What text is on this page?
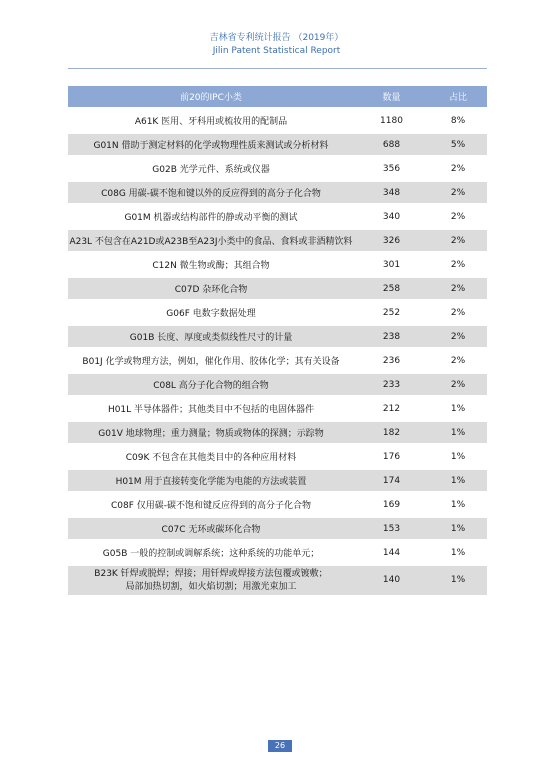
吉林省专利统计报告 （2019年）
Jilin Patent Statistical Report
前20的IPC小类	数量	占比
A61K 医用、牙科用或梳妆用的配制品	1180	8%
G01N 借助于测定材料的化学或物理性质来测试或分析材料	688	5%
G02B 光学元件、系统或仪器	356	2%
C08G 用碳-碳不饱和键以外的反应得到的高分子化合物	348	2%
G01M 机器或结构部件的静或动平衡的测试	340	2%
A23L 不包含在A21D或A23B至A23J小类中的食品、食料或非酒精饮料	326	2%
C12N 微生物或酶；其组合物	301	2%
C07D 杂环化合物	258	2%
G06F 电数字数据处理	252	2%
G01B 长度、厚度或类似线性尺寸的计量	238	2%
B01J 化学或物理方法，例如，催化作用、胶体化学；其有关设备	236	2%
C08L 高分子化合物的组合物	233	2%
H01L 半导体器件；其他类目中不包括的电固体器件	212	1%
G01V 地球物理；重力测量；物质或物体的探测；示踪物	182	1%
C09K 不包含在其他类目中的各种应用材料	176	1%
H01M 用于直接转变化学能为电能的方法或装置	174	1%
C08F 仅用碳-碳不饱和键反应得到的高分子化合物	169	1%
C07C 无环或碳环化合物	153	1%
G05B 一般的控制或调解系统；这种系统的功能单元；	144	1%

B23K 钎焊或脱焊；焊接；用钎焊或焊接方法包覆或镀敷；
局部加热切割，如火焰切割；用激光束加工	140	1%
26
